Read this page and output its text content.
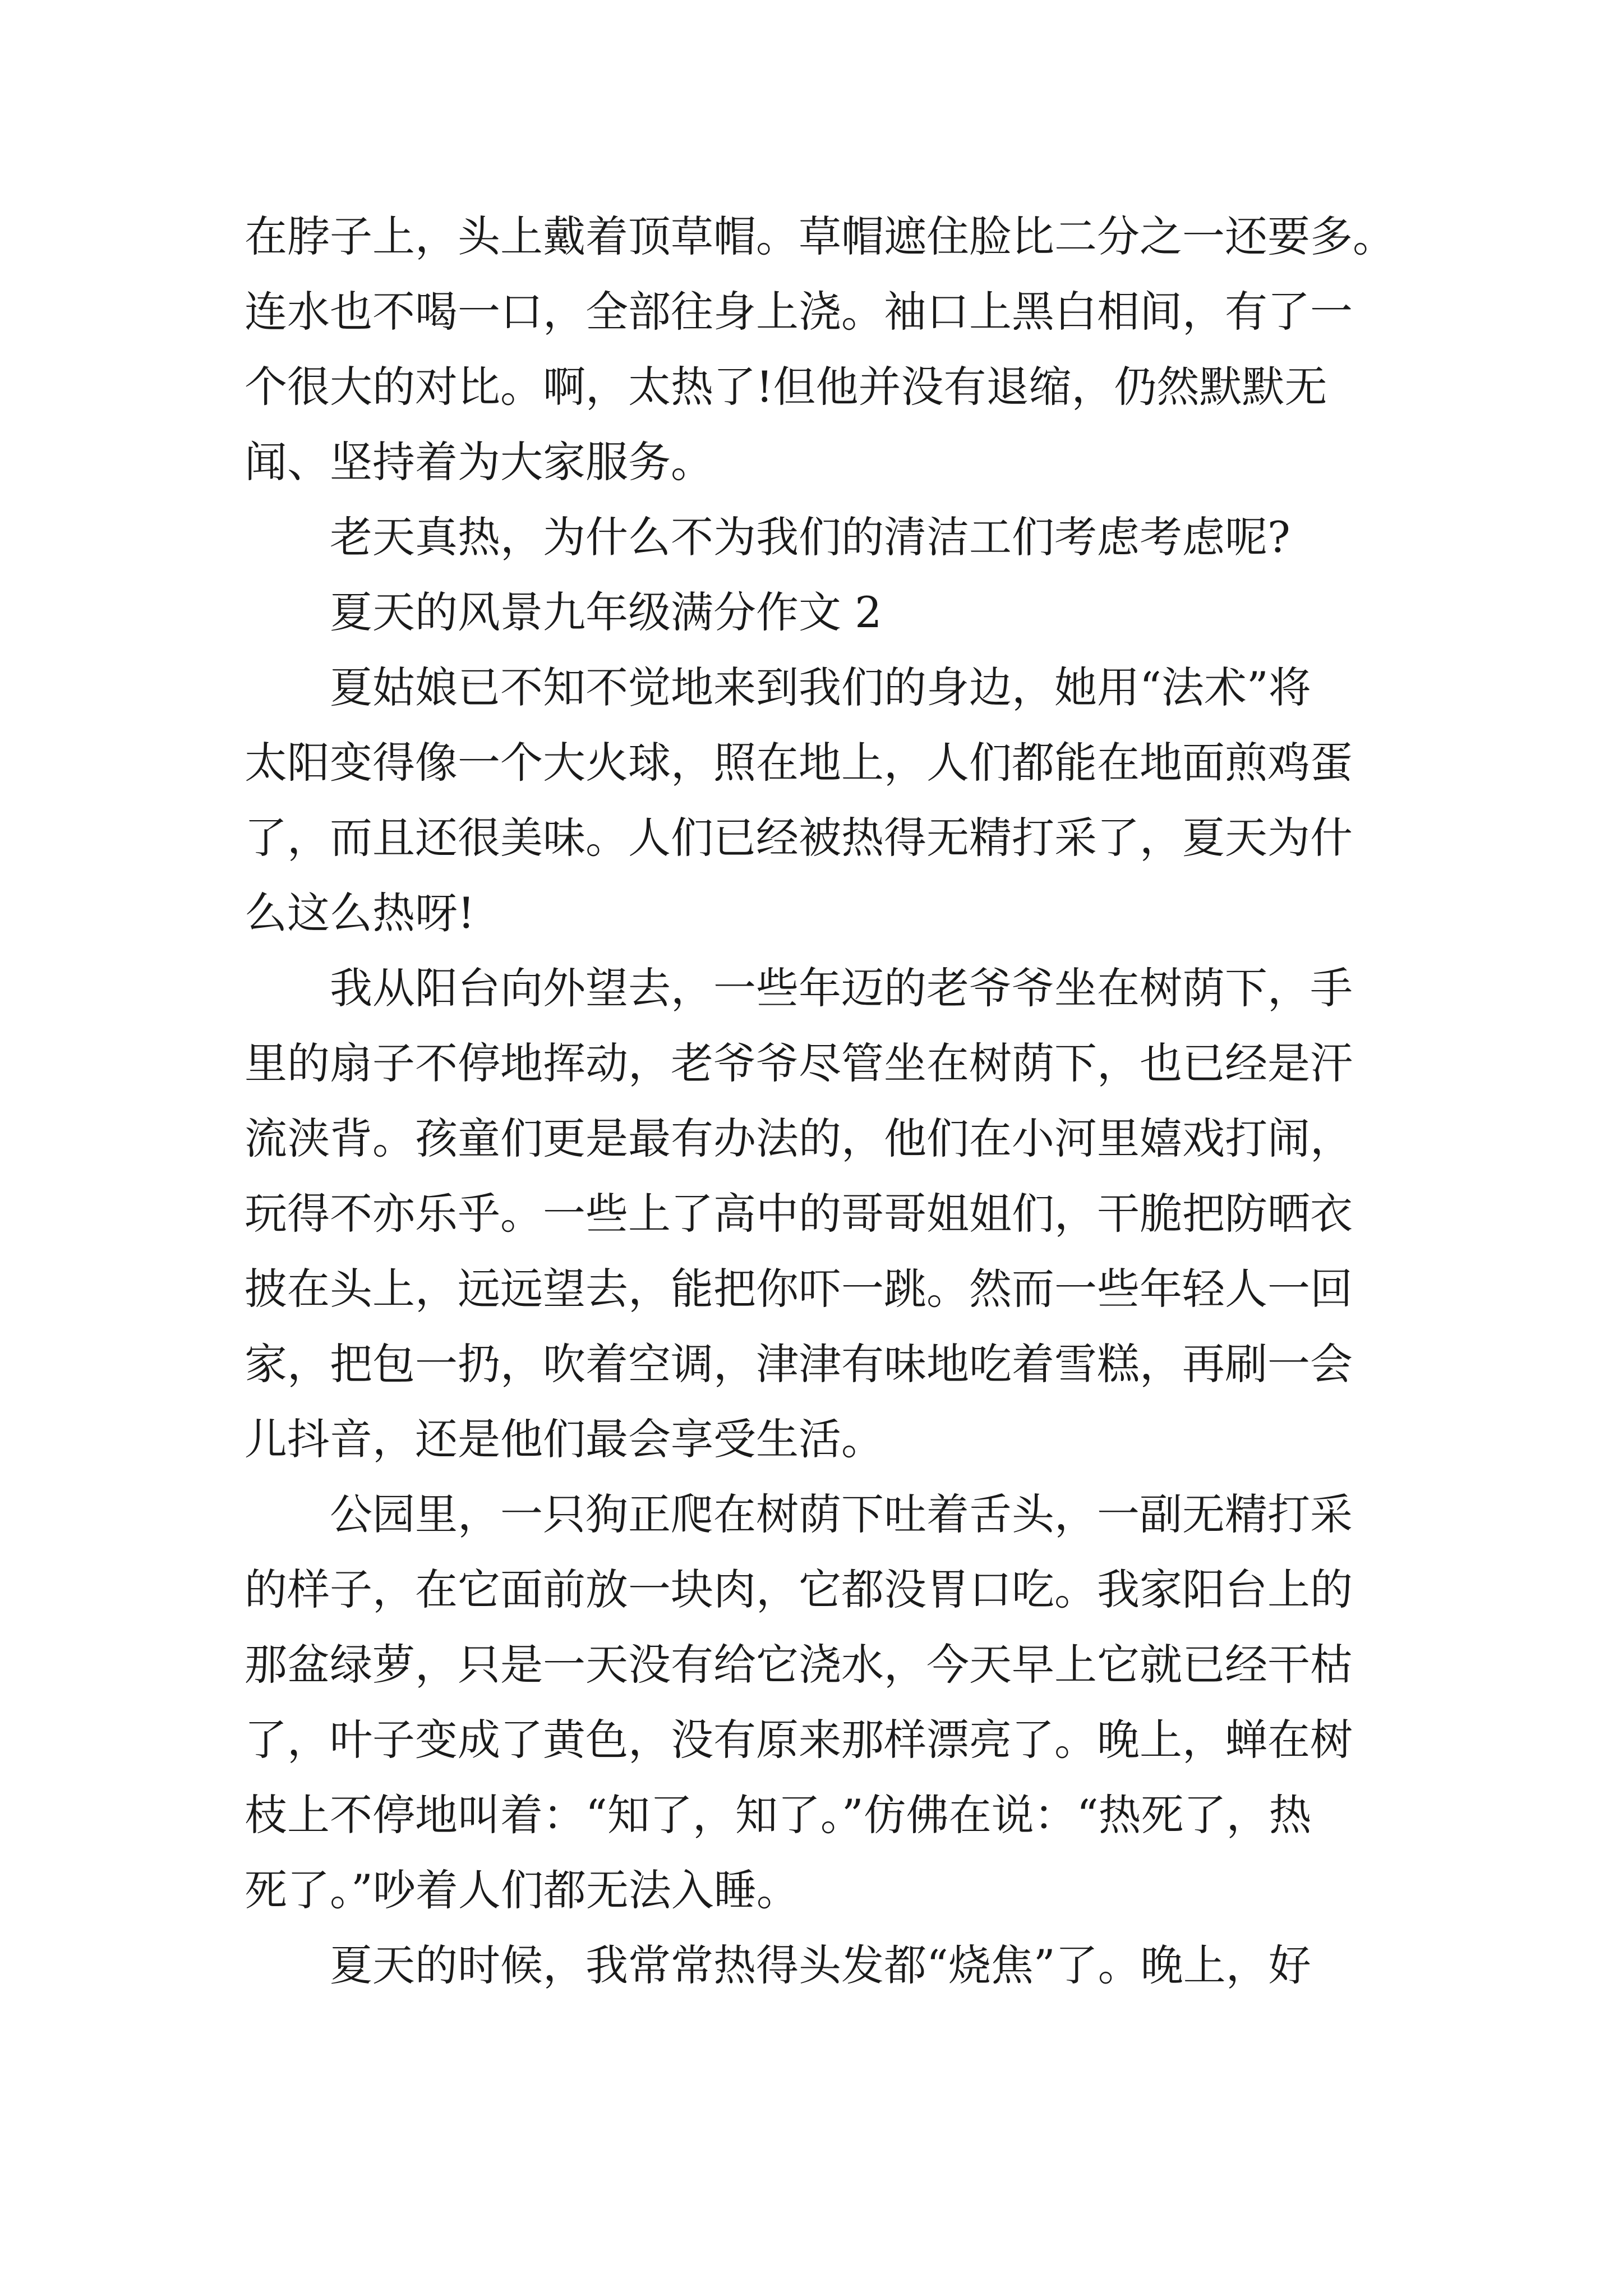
在脖子上，头上戴着顶草帽。草帽遮住脸比二分之一还要多。
连水也不喝一口，全部往身上浇。袖口上黑白相间，有了一
个很大的对比。啊，太热了!但他并没有退缩，仍然默默无
闻、坚持着为大家服务。
老天真热，为什么不为我们的清洁工们考虑考虑呢?
夏天的风景九年级满分作文 2
夏姑娘已不知不觉地来到我们的身边，她用“法术”将
太阳变得像一个大火球，照在地上，人们都能在地面煎鸡蛋
了，而且还很美味。人们已经被热得无精打采了，夏天为什
么这么热呀!
我从阳台向外望去，一些年迈的老爷爷坐在树荫下，手
里的扇子不停地挥动，老爷爷尽管坐在树荫下，也已经是汗
流浃背。孩童们更是最有办法的，他们在小河里嬉戏打闹，
玩得不亦乐乎。一些上了高中的哥哥姐姐们，干脆把防晒衣
披在头上，远远望去，能把你吓一跳。然而一些年轻人一回
家，把包一扔，吹着空调，津津有味地吃着雪糕，再刷一会
儿抖音，还是他们最会享受生活。
公园里，一只狗正爬在树荫下吐着舌头，一副无精打采
的样子，在它面前放一块肉，它都没胃口吃。我家阳台上的
那盆绿萝，只是一天没有给它浇水，今天早上它就已经干枯
了，叶子变成了黄色，没有原来那样漂亮了。晚上，蝉在树
枝上不停地叫着：“知了，知了。”仿佛在说：“热死了，热
死了。”吵着人们都无法入睡。
夏天的时候，我常常热得头发都“烧焦”了。晚上，好
